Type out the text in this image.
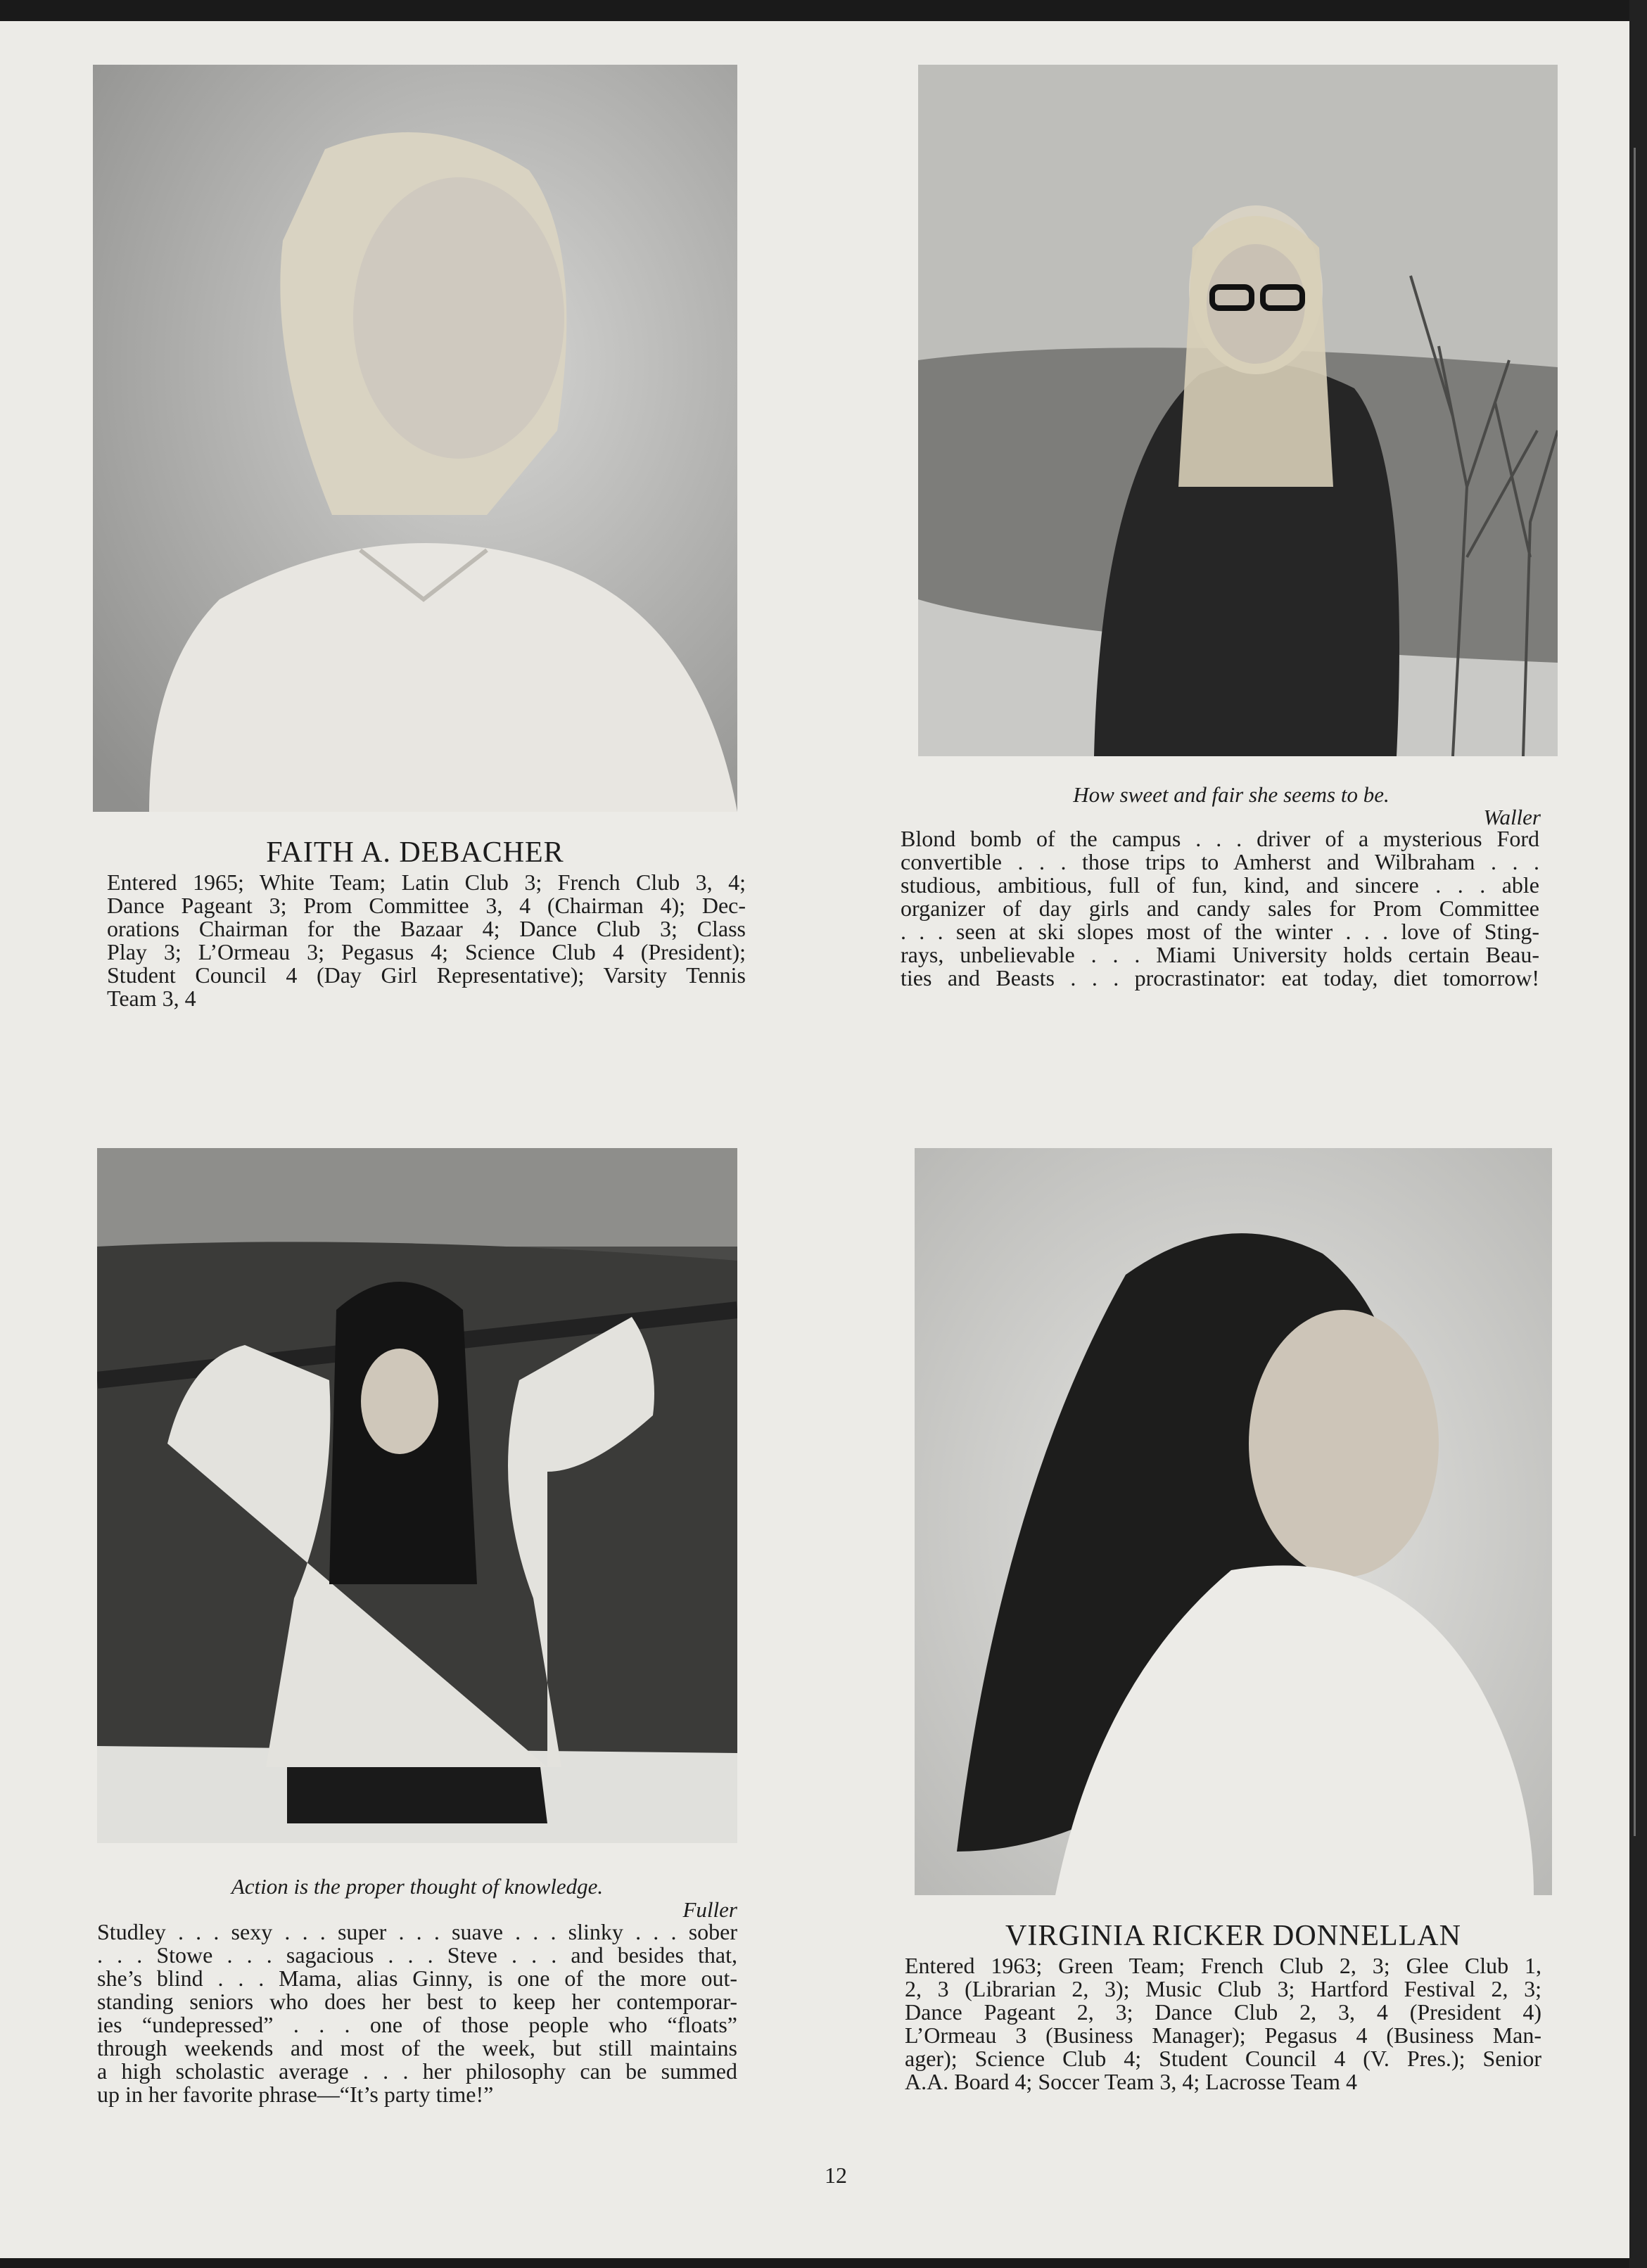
FAITH A. DEBACHER
Entered 1965; White Team; Latin Club 3; French Club 3, 4;
Dance Pageant 3; Prom Committee 3, 4 (Chairman 4); Dec-
orations Chairman for the Bazaar 4; Dance Club 3; Class
Play 3; L’Ormeau 3; Pegasus 4; Science Club 4 (President);
Student Council 4 (Day Girl Representative); Varsity Tennis
Team 3, 4
How sweet and fair she seems to be.
Waller
Blond bomb of the campus . . . driver of a mysterious Ford
convertible . . . those trips to Amherst and Wilbraham . . .
studious, ambitious, full of fun, kind, and sincere . . . able
organizer of day girls and candy sales for Prom Committee
. . . seen at ski slopes most of the winter . . . love of Sting-
rays, unbelievable . . . Miami University holds certain Beau-
ties and Beasts . . . procrastinator: eat today, diet tomorrow!
Action is the proper thought of knowledge.
Fuller
Studley . . . sexy . . . super . . . suave . . . slinky . . . sober
. . . Stowe . . . sagacious . . . Steve . . . and besides that,
she’s blind . . . Mama, alias Ginny, is one of the more out-
standing seniors who does her best to keep her contemporar-
ies “undepressed” . . . one of those people who “floats”
through weekends and most of the week, but still maintains
a high scholastic average . . . her philosophy can be summed
up in her favorite phrase—“It’s party time!”
VIRGINIA RICKER DONNELLAN
Entered 1963; Green Team; French Club 2, 3; Glee Club 1,
2, 3 (Librarian 2, 3); Music Club 3; Hartford Festival 2, 3;
Dance Pageant 2, 3; Dance Club 2, 3, 4 (President 4)
L’Ormeau 3 (Business Manager); Pegasus 4 (Business Man-
ager); Science Club 4; Student Council 4 (V. Pres.); Senior
A.A. Board 4; Soccer Team 3, 4; Lacrosse Team 4
12
